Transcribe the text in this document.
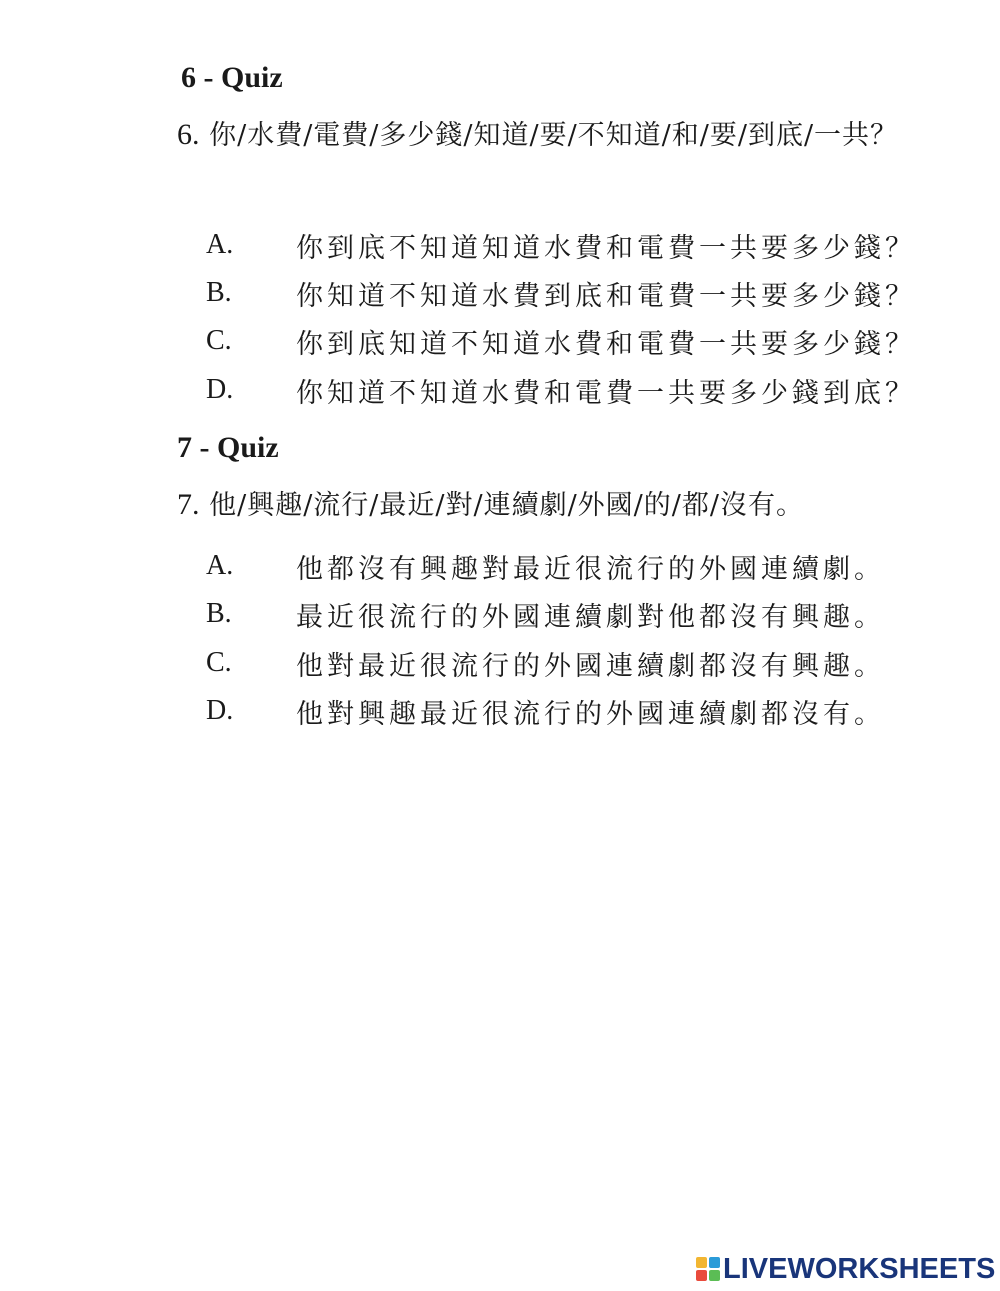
6 - Quiz

6. 你/水費/電費/多少錢/知道/要/不知道/和/要/到底/一共？

A.	你到底不知道知道水費和電費一共要多少錢？
B.	你知道不知道水費到底和電費一共要多少錢？
C.	你到底知道不知道水費和電費一共要多少錢？
D.	你知道不知道水費和電費一共要多少錢到底？
7 - Quiz

7. 他/興趣/流行/最近/對/連續劇/外國/的/都/沒有。

A.	他都沒有興趣對最近很流行的外國連續劇。
B.	最近很流行的外國連續劇對他都沒有興趣。
C.	他對最近很流行的外國連續劇都沒有興趣。
D.	他對興趣最近很流行的外國連續劇都沒有。
LIVEWORKSHEETS
